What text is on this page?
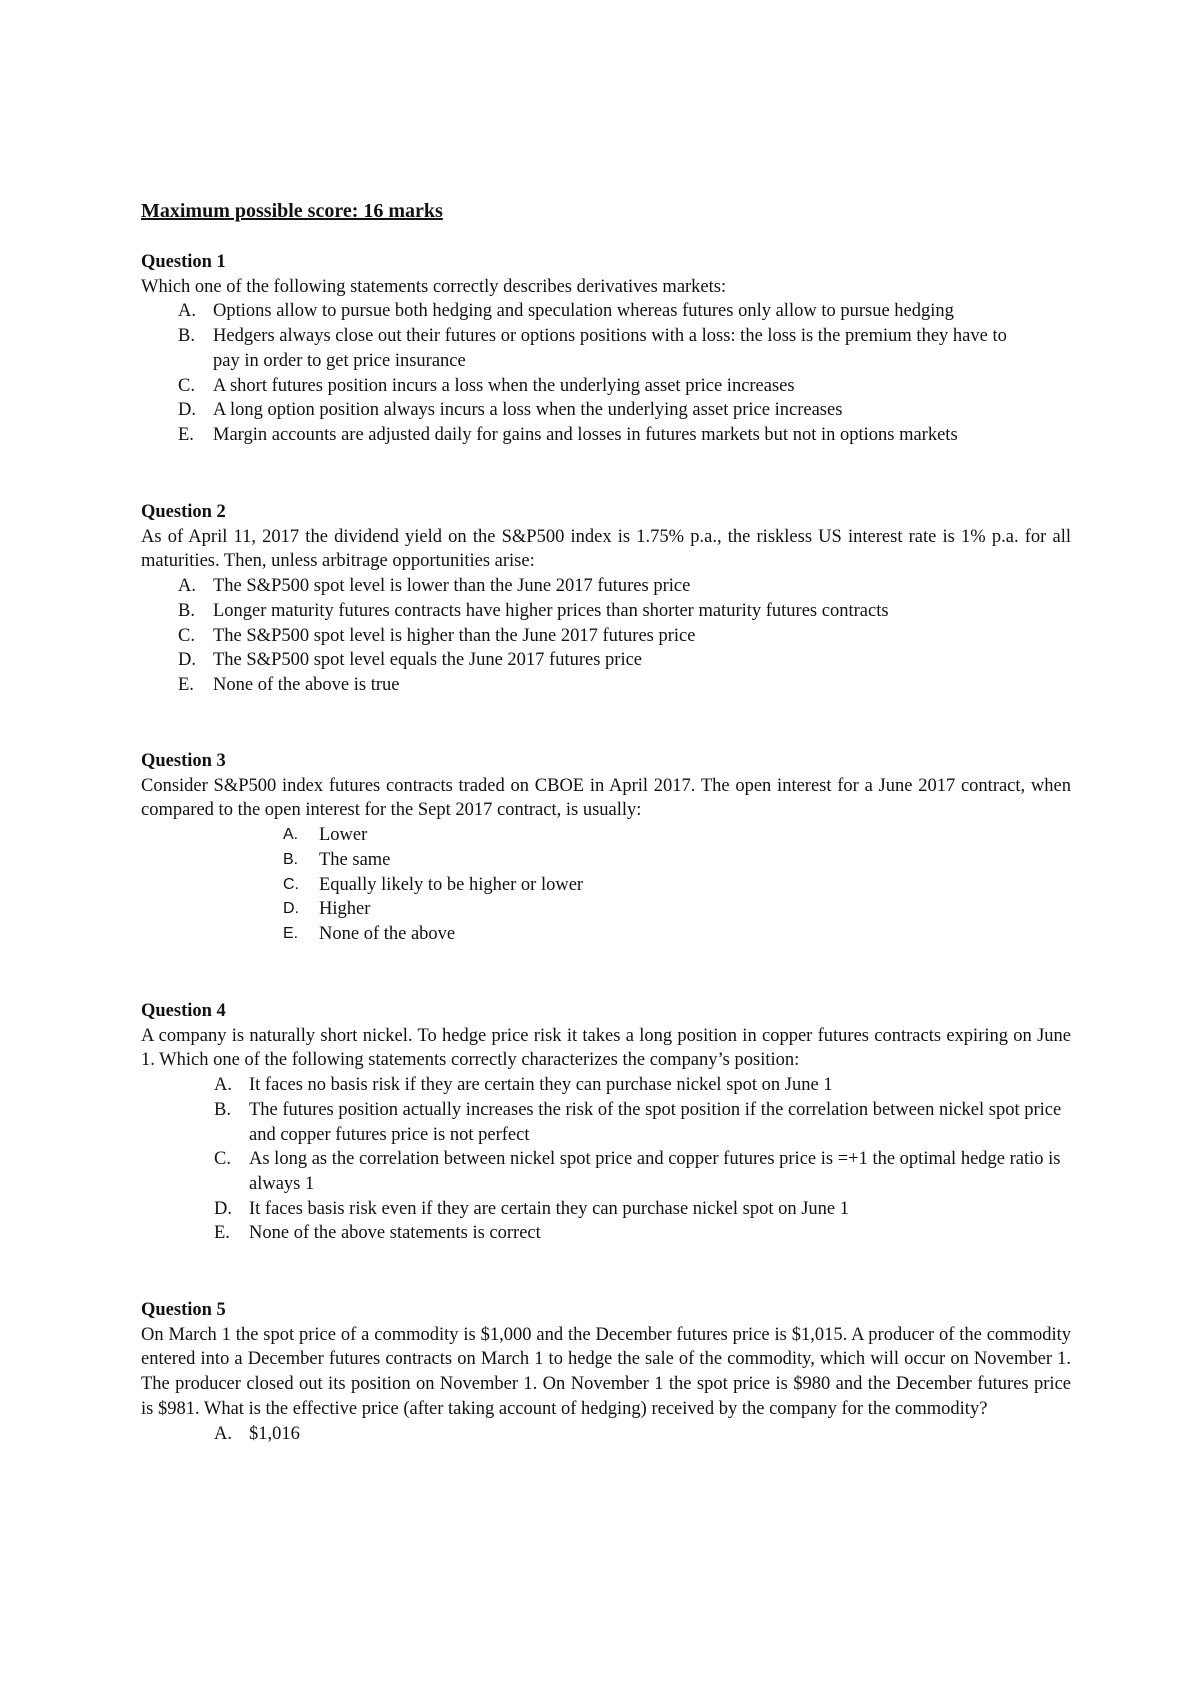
Maximum possible score: 16 marks
Question 1
Which one of the following statements correctly describes derivatives markets:
A. Options allow to pursue both hedging and speculation whereas futures only allow to pursue hedging
B. Hedgers always close out their futures or options positions with a loss: the loss is the premium they have to pay in order to get price insurance
C. A short futures position incurs a loss when the underlying asset price increases
D. A long option position always incurs a loss when the underlying asset price increases
E. Margin accounts are adjusted daily for gains and losses in futures markets but not in options markets
Question 2
As of April 11, 2017 the dividend yield on the S&P500 index is 1.75% p.a., the riskless US interest rate is 1% p.a. for all maturities. Then, unless arbitrage opportunities arise:
A. The S&P500 spot level is lower than the June 2017 futures price
B. Longer maturity futures contracts have higher prices than shorter maturity futures contracts
C. The S&P500 spot level is higher than the June 2017 futures price
D. The S&P500 spot level equals the June 2017 futures price
E. None of the above is true
Question 3
Consider S&P500 index futures contracts traded on CBOE in April 2017. The open interest for a June 2017 contract, when compared to the open interest for the Sept 2017 contract, is usually:
A. Lower
B. The same
C. Equally likely to be higher or lower
D. Higher
E. None of the above
Question 4
A company is naturally short nickel. To hedge price risk it takes a long position in copper futures contracts expiring on June 1. Which one of the following statements correctly characterizes the company’s position:
A. It faces no basis risk if they are certain they can purchase nickel spot on June 1
B. The futures position actually increases the risk of the spot position if the correlation between nickel spot price and copper futures price is not perfect
C. As long as the correlation between nickel spot price and copper futures price is =+1 the optimal hedge ratio is always 1
D. It faces basis risk even if they are certain they can purchase nickel spot on June 1
E. None of the above statements is correct
Question 5
On March 1 the spot price of a commodity is $1,000 and the December futures price is $1,015. A producer of the commodity entered into a December futures contracts on March 1 to hedge the sale of the commodity, which will occur on November 1. The producer closed out its position on November 1. On November 1 the spot price is $980 and the December futures price is $981. What is the effective price (after taking account of hedging) received by the company for the commodity?
A. $1,016
